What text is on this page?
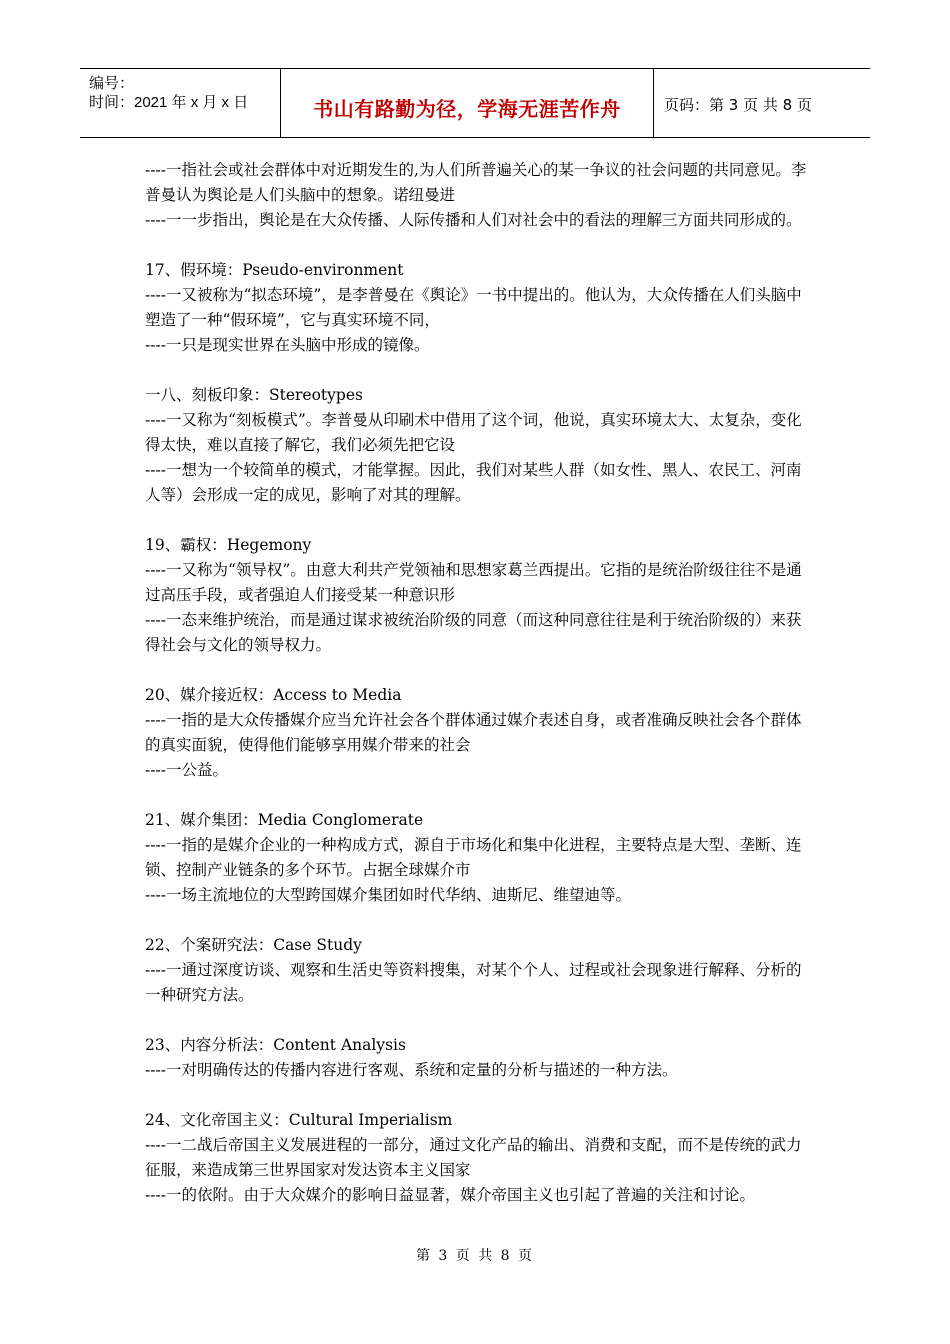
编号：
时间：2021 年 x 月 x 日	书山有路勤为径，学海无涯苦作舟	页码：第 3 页 共 8 页

----一指社会或社会群体中对近期发生的,为人们所普遍关心的某一争议的社会问题的共同意见。李普曼认为舆论是人们头脑中的想象。诺纽曼进

----一一步指出，舆论是在大众传播、人际传播和人们对社会中的看法的理解三方面共同形成的。

17、假环境：Pseudo-environment

----一又被称为“拟态环境”，是李普曼在《舆论》一书中提出的。他认为，大众传播在人们头脑中塑造了一种“假环境”，它与真实环境不同，

----一只是现实世界在头脑中形成的镜像。

一八、刻板印象：Stereotypes

----一又称为“刻板模式”。李普曼从印刷术中借用了这个词，他说，真实环境太大、太复杂，变化得太快，难以直接了解它，我们必须先把它设

----一想为一个较简单的模式，才能掌握。因此，我们对某些人群（如女性、黑人、农民工、河南人等）会形成一定的成见，影响了对其的理解。

19、霸权：Hegemony

----一又称为“领导权”。由意大利共产党领袖和思想家葛兰西提出。它指的是统治阶级往往不是通过高压手段，或者强迫人们接受某一种意识形

----一态来维护统治，而是通过谋求被统治阶级的同意（而这种同意往往是利于统治阶级的）来获得社会与文化的领导权力。

20、媒介接近权：Access to Media

----一指的是大众传播媒介应当允许社会各个群体通过媒介表述自身，或者准确反映社会各个群体的真实面貌，使得他们能够享用媒介带来的社会

----一公益。

21、媒介集团：Media Conglomerate

----一指的是媒介企业的一种构成方式，源自于市场化和集中化进程，主要特点是大型、垄断、连锁、控制产业链条的多个环节。占据全球媒介市

----一场主流地位的大型跨国媒介集团如时代华纳、迪斯尼、维望迪等。

22、个案研究法：Case Study

----一通过深度访谈、观察和生活史等资料搜集，对某个个人、过程或社会现象进行解释、分析的一种研究方法。

23、内容分析法：Content Analysis

----一对明确传达的传播内容进行客观、系统和定量的分析与描述的一种方法。

24、文化帝国主义：Cultural Imperialism

----一二战后帝国主义发展进程的一部分，通过文化产品的输出、消费和支配，而不是传统的武力征服，来造成第三世界国家对发达资本主义国家

----一的依附。由于大众媒介的影响日益显著，媒介帝国主义也引起了普遍的关注和讨论。

第 3 页 共 8 页
